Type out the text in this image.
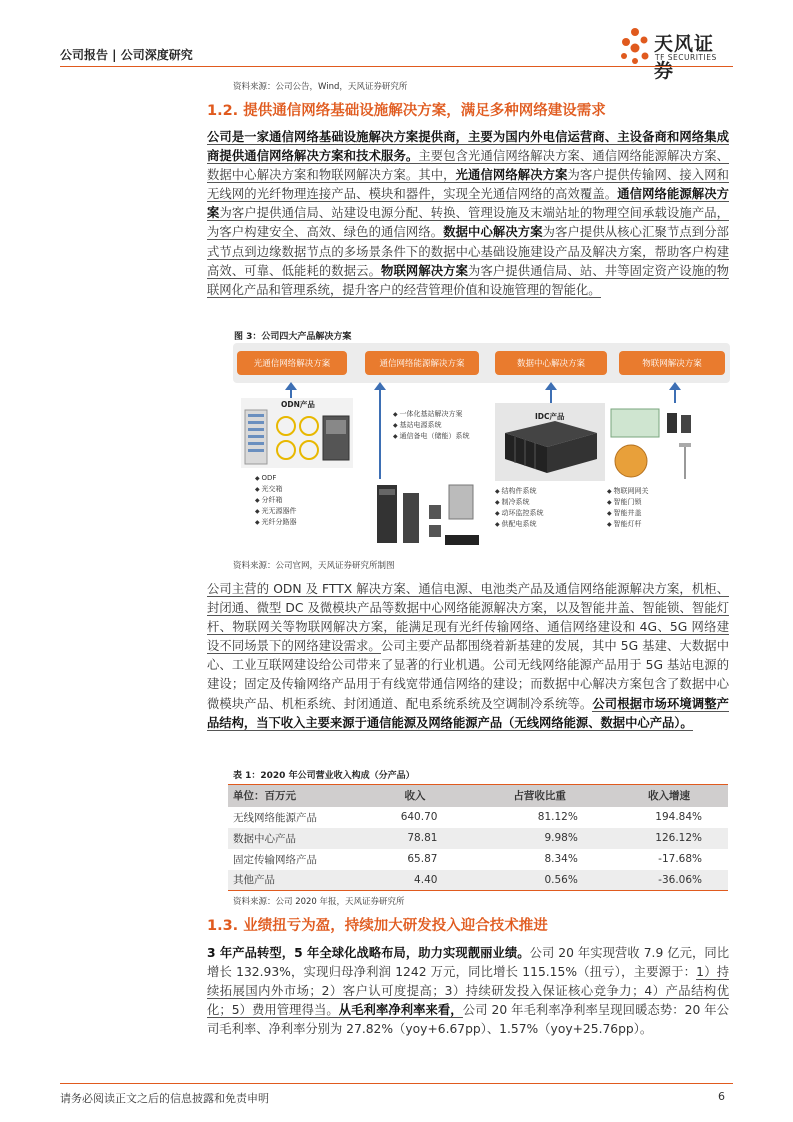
公司报告 | 公司深度研究	天风证券
TF SECURITIES
资料来源：公司公告，Wind，天风证券研究所
1.2. 提供通信网络基础设施解决方案，满足多种网络建设需求
公司是一家通信网络基础设施解决方案提供商，主要为国内外电信运营商、主设备商和网络集成商提供通信网络解决方案和技术服务。主要包含光通信网络解决方案、通信网络能源解决方案、数据中心解决方案和物联网解决方案。其中，光通信网络解决方案为客户提供传输网、接入网和无线网的光纤物理连接产品、模块和器件，实现全光通信网络的高效覆盖。通信网络能源解决方案为客户提供通信局、站建设电源分配、转换、管理设施及末端站址的物理空间承载设施产品，为客户构建安全、高效、绿色的通信网络。数据中心解决方案为客户提供从核心汇聚节点到分部式节点到边缘数据节点的多场景条件下的数据中心基础设施建设产品及解决方案，帮助客户构建高效、可靠、低能耗的数据云。物联网解决方案为客户提供通信局、站、井等固定资产设施的物联网化产品和管理系统，提升客户的经营管理价值和设施管理的智能化。
图 3：公司四大产品解决方案
光通信网络解决方案	通信网络能源解决方案	数据中心解决方案	物联网解决方案
ODN产品
◆ ODF
◆ 光交箱
◆ 分纤箱
◆ 光无源器件
◆ 光纤分路器
◆ 一体化基站解决方案
◆ 基站电源系统
◆ 通信备电（储能）系统
IDC产品
◆ 结构件系统
◆ 制冷系统
◆ 动环监控系统
◆ 供配电系统
◆ 物联网网关
◆ 智能门锁
◆ 智能井盖
◆ 智能灯杆
资料来源：公司官网，天风证券研究所制图
公司主营的 ODN 及 FTTX 解决方案、通信电源、电池类产品及通信网络能源解决方案，机柜、封闭通、微型 DC 及微模块产品等数据中心网络能源解决方案，以及智能井盖、智能锁、智能灯杆、物联网关等物联网解决方案，能满足现有光纤传输网络、通信网络建设和 4G、5G 网络建设不同场景下的网络建设需求。公司主要产品都围绕着新基建的发展，其中 5G 基建、大数据中心、工业互联网建设给公司带来了显著的行业机遇。公司无线网络能源产品用于 5G 基站电源的建设；固定及传输网络产品用于有线宽带通信网络的建设；而数据中心解决方案包含了数据中心微模块产品、机柜系统、封闭通道、配电系统系统及空调制冷系统等。公司根据市场环境调整产品结构，当下收入主要来源于通信能源及网络能源产品（无线网络能源、数据中心产品）。
表 1：2020 年公司营业收入构成（分产品）
单位：百万元	收入	占营收比重	收入增速
无线网络能源产品	640.70	81.12%	194.84%
数据中心产品	78.81	9.98%	126.12%
固定传输网络产品	65.87	8.34%	-17.68%
其他产品	4.40	0.56%	-36.06%
资料来源：公司 2020 年报，天风证券研究所
1.3. 业绩扭亏为盈，持续加大研发投入迎合技术推进
3 年产品转型，5 年全球化战略布局，助力实现靓丽业绩。公司 20 年实现营收 7.9 亿元，同比增长 132.93%，实现归母净利润 1242 万元，同比增长 115.15%（扭亏），主要源于：1）持续拓展国内外市场；2）客户认可度提高；3）持续研发投入保证核心竞争力；4）产品结构优化；5）费用管理得当。从毛利率净利率来看，公司 20 年毛利率净利率呈现回暖态势：20 年公司毛利率、净利率分别为 27.82%（yoy+6.67pp）、1.57%（yoy+25.76pp）。
请务必阅读正文之后的信息披露和免责申明	6
